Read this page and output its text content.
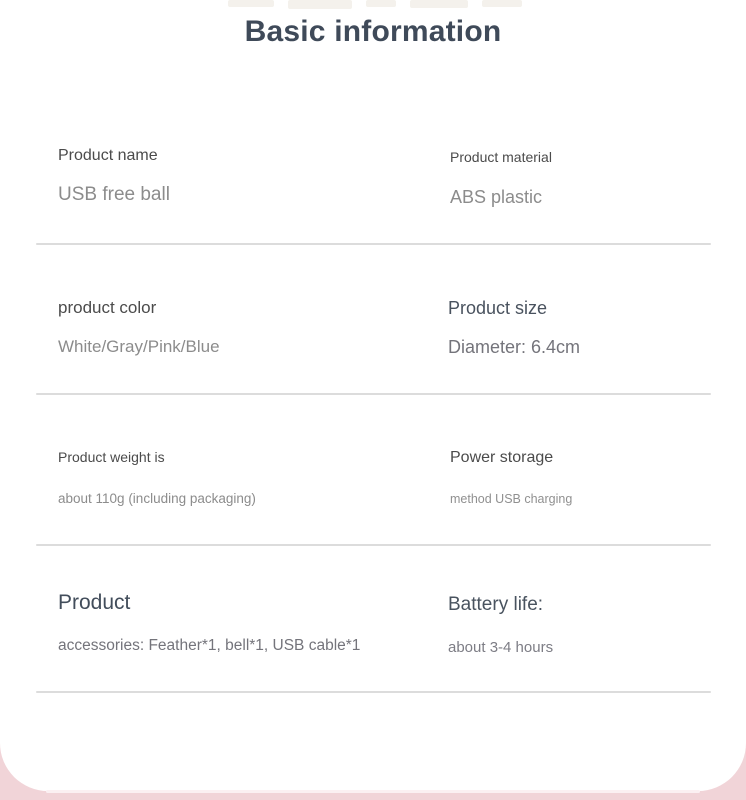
Basic information
Product name
USB free ball
Product material
ABS plastic
product color
White/Gray/Pink/Blue
Product size
Diameter: 6.4cm
Product weight is
about 110g (including packaging)
Power storage
method USB charging
Product
accessories: Feather*1, bell*1, USB cable*1
Battery life:
about 3-4 hours
